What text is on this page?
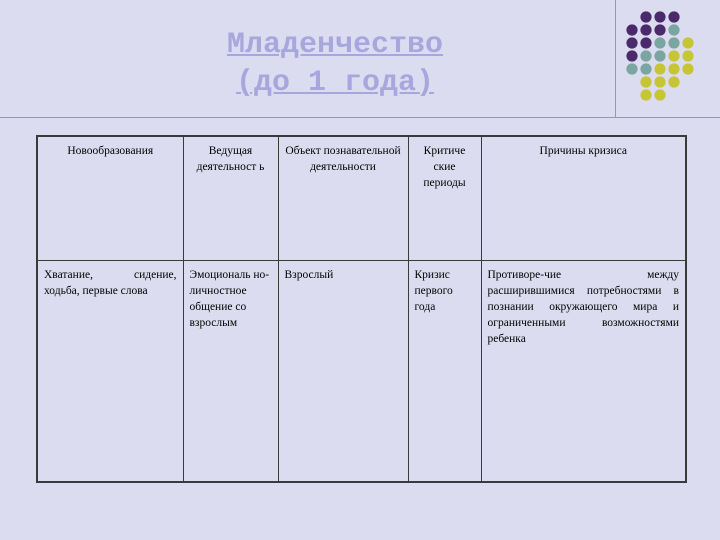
Младенчество
(до 1 года)
Новообразования	Ведущая деятельност ь	Объект познавательной деятельности	Критиче ские периоды	Причины кризиса
Хватание, сидение, ходьба, первые слова	Эмоциональ но-личностное общение со взрослым	Взрослый	Кризис первого года	Противоре-чие между расширившимися потребностями в познании окружающего мира и ограниченными возможностями ребенка
